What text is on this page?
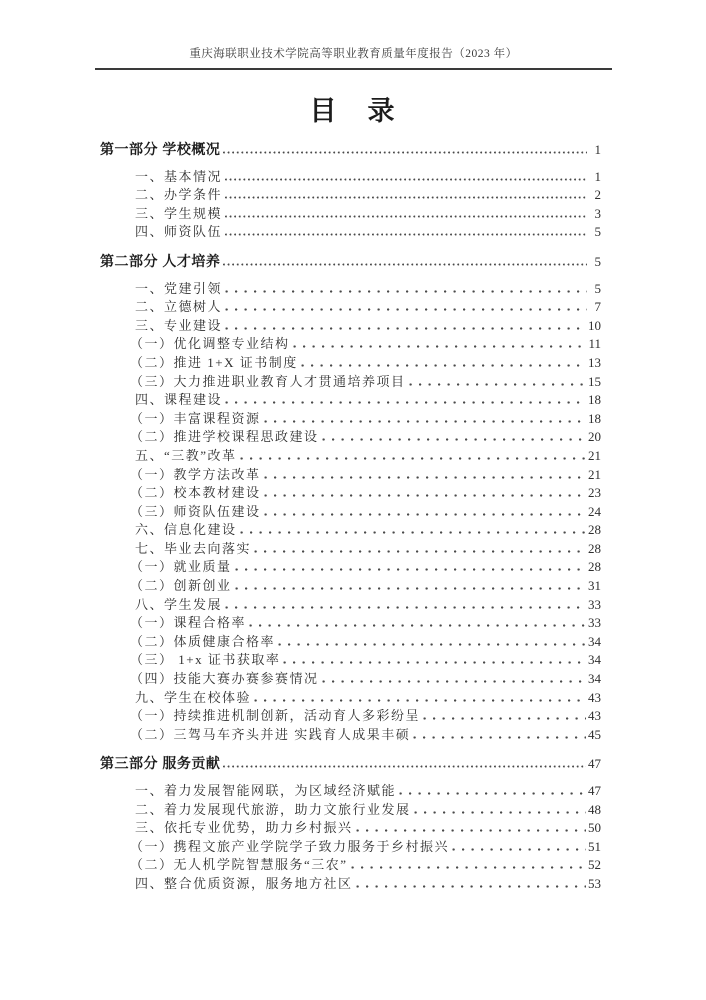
重庆海联职业技术学院高等职业教育质量年度报告（2023 年）
目　录
第一部分 学校概况	1
一、基本情况	1
二、办学条件	2
三、学生规模	3
四、师资队伍	5
第二部分 人才培养	5
一、党建引领	5
二、立德树人	7
三、专业建设	10
（一）优化调整专业结构	11
（二）推进 1+X 证书制度	13
（三）大力推进职业教育人才贯通培养项目	15
四、课程建设	18
（一）丰富课程资源	18
（二）推进学校课程思政建设	20
五、“三教”改革	21
（一）教学方法改革	21
（二）校本教材建设	23
（三）师资队伍建设	24
六、信息化建设	28
七、毕业去向落实	28
（一）就业质量	28
（二）创新创业	31
八、学生发展	33
（一）课程合格率	33
（二）体质健康合格率	34
（三） 1+x 证书获取率	34
（四）技能大赛办赛参赛情况	34
九、学生在校体验	43
（一）持续推进机制创新，活动育人多彩纷呈	43
（二）三驾马车齐头并进 实践育人成果丰硕	45
第三部分 服务贡献	47
一、着力发展智能网联，为区域经济赋能	47
二、着力发展现代旅游，助力文旅行业发展	48
三、依托专业优势，助力乡村振兴	50
（一）携程文旅产业学院学子致力服务于乡村振兴	51
（二）无人机学院智慧服务“三农”	52
四、整合优质资源，服务地方社区	53
